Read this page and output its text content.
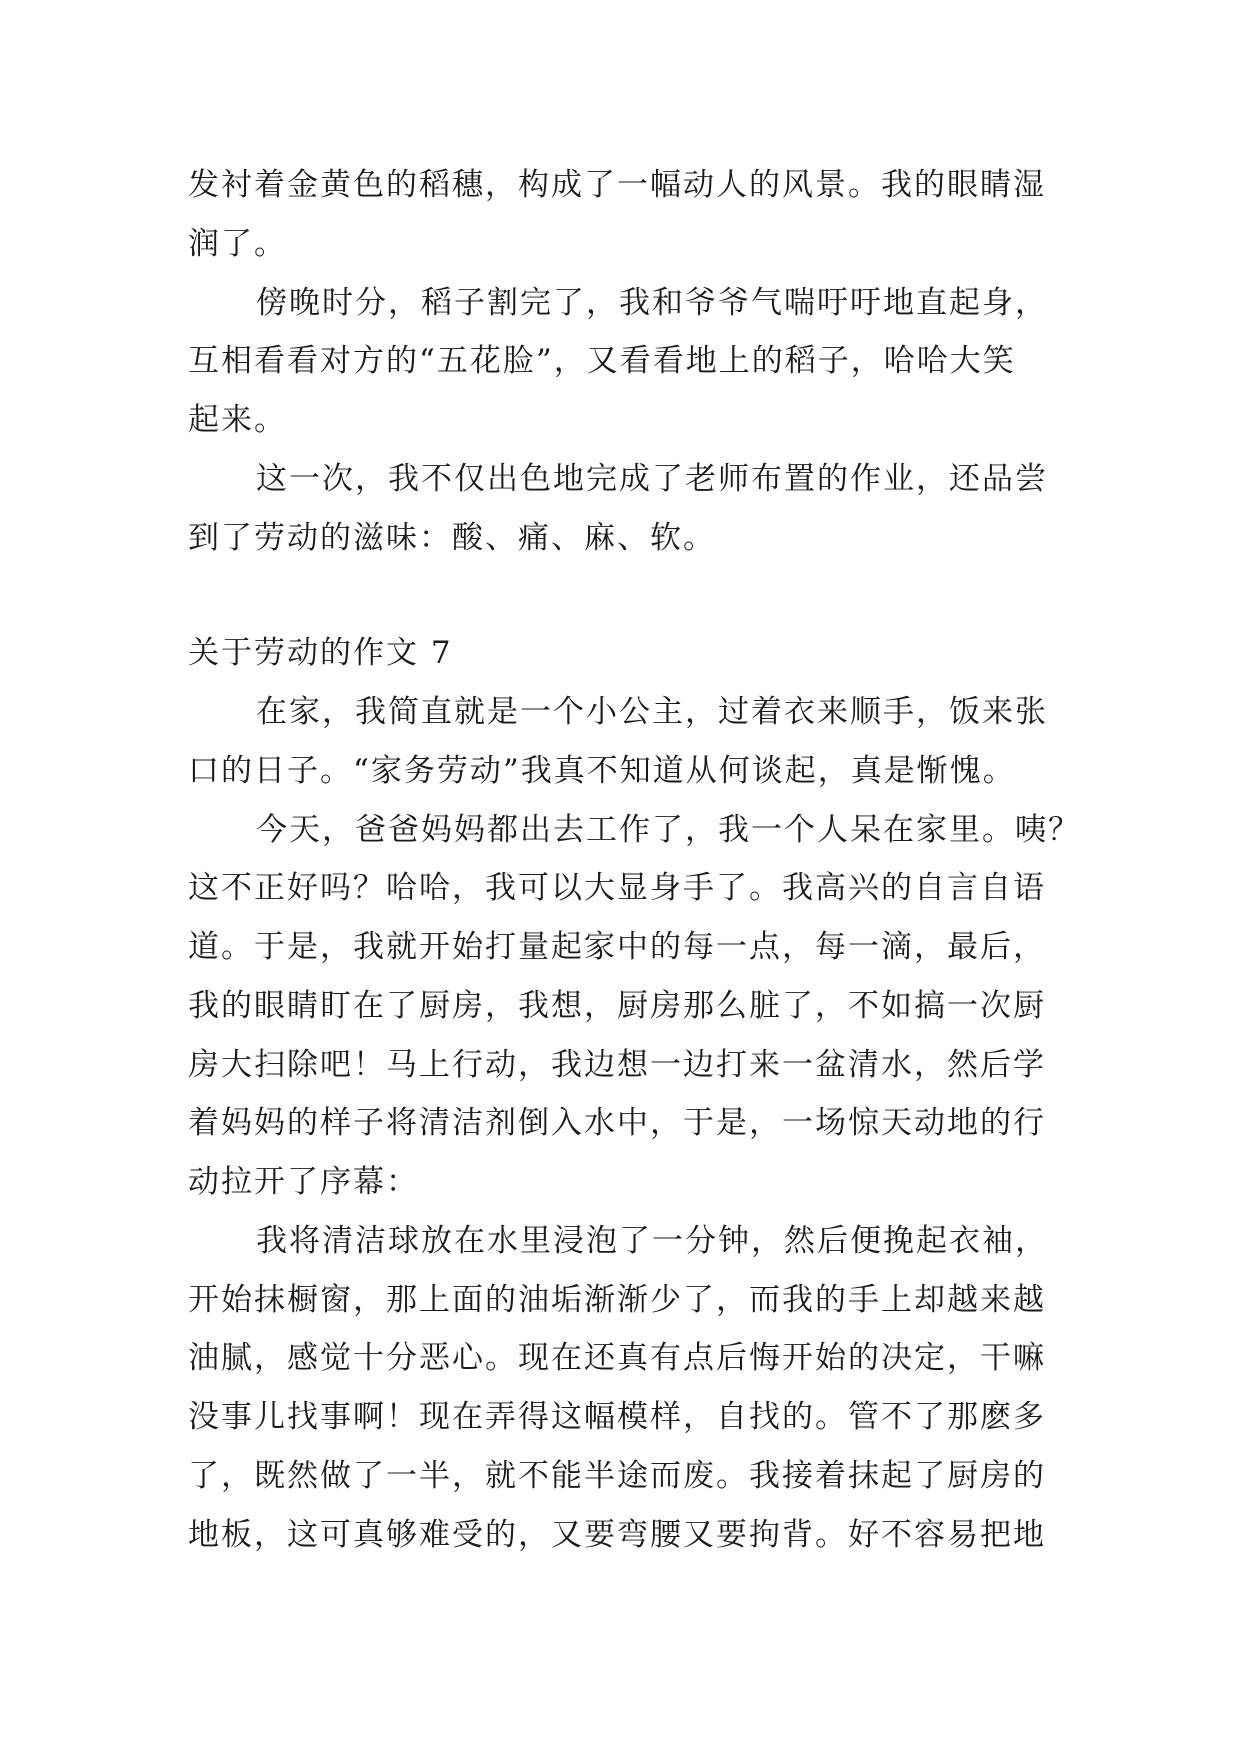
发衬着金黄色的稻穗，构成了一幅动人的风景。我的眼睛湿
润了。
傍晚时分，稻子割完了，我和爷爷气喘吁吁地直起身，
互相看看对方的“五花脸”，又看看地上的稻子，哈哈大笑
起来。
这一次，我不仅出色地完成了老师布置的作业，还品尝
到了劳动的滋味：酸、痛、麻、软。
关于劳动的作文 7
在家，我简直就是一个小公主，过着衣来顺手，饭来张
口的日子。“家务劳动”我真不知道从何谈起，真是惭愧。
今天，爸爸妈妈都出去工作了，我一个人呆在家里。咦？
这不正好吗？哈哈，我可以大显身手了。我高兴的自言自语
道。于是，我就开始打量起家中的每一点，每一滴，最后，
我的眼睛盯在了厨房，我想，厨房那么脏了，不如搞一次厨
房大扫除吧！马上行动，我边想一边打来一盆清水，然后学
着妈妈的样子将清洁剂倒入水中，于是，一场惊天动地的行
动拉开了序幕：
我将清洁球放在水里浸泡了一分钟，然后便挽起衣袖，
开始抹橱窗，那上面的油垢渐渐少了，而我的手上却越来越
油腻，感觉十分恶心。现在还真有点后悔开始的决定，干嘛
没事儿找事啊！现在弄得这幅模样，自找的。管不了那麽多
了，既然做了一半，就不能半途而废。我接着抹起了厨房的
地板，这可真够难受的，又要弯腰又要拘背。好不容易把地
